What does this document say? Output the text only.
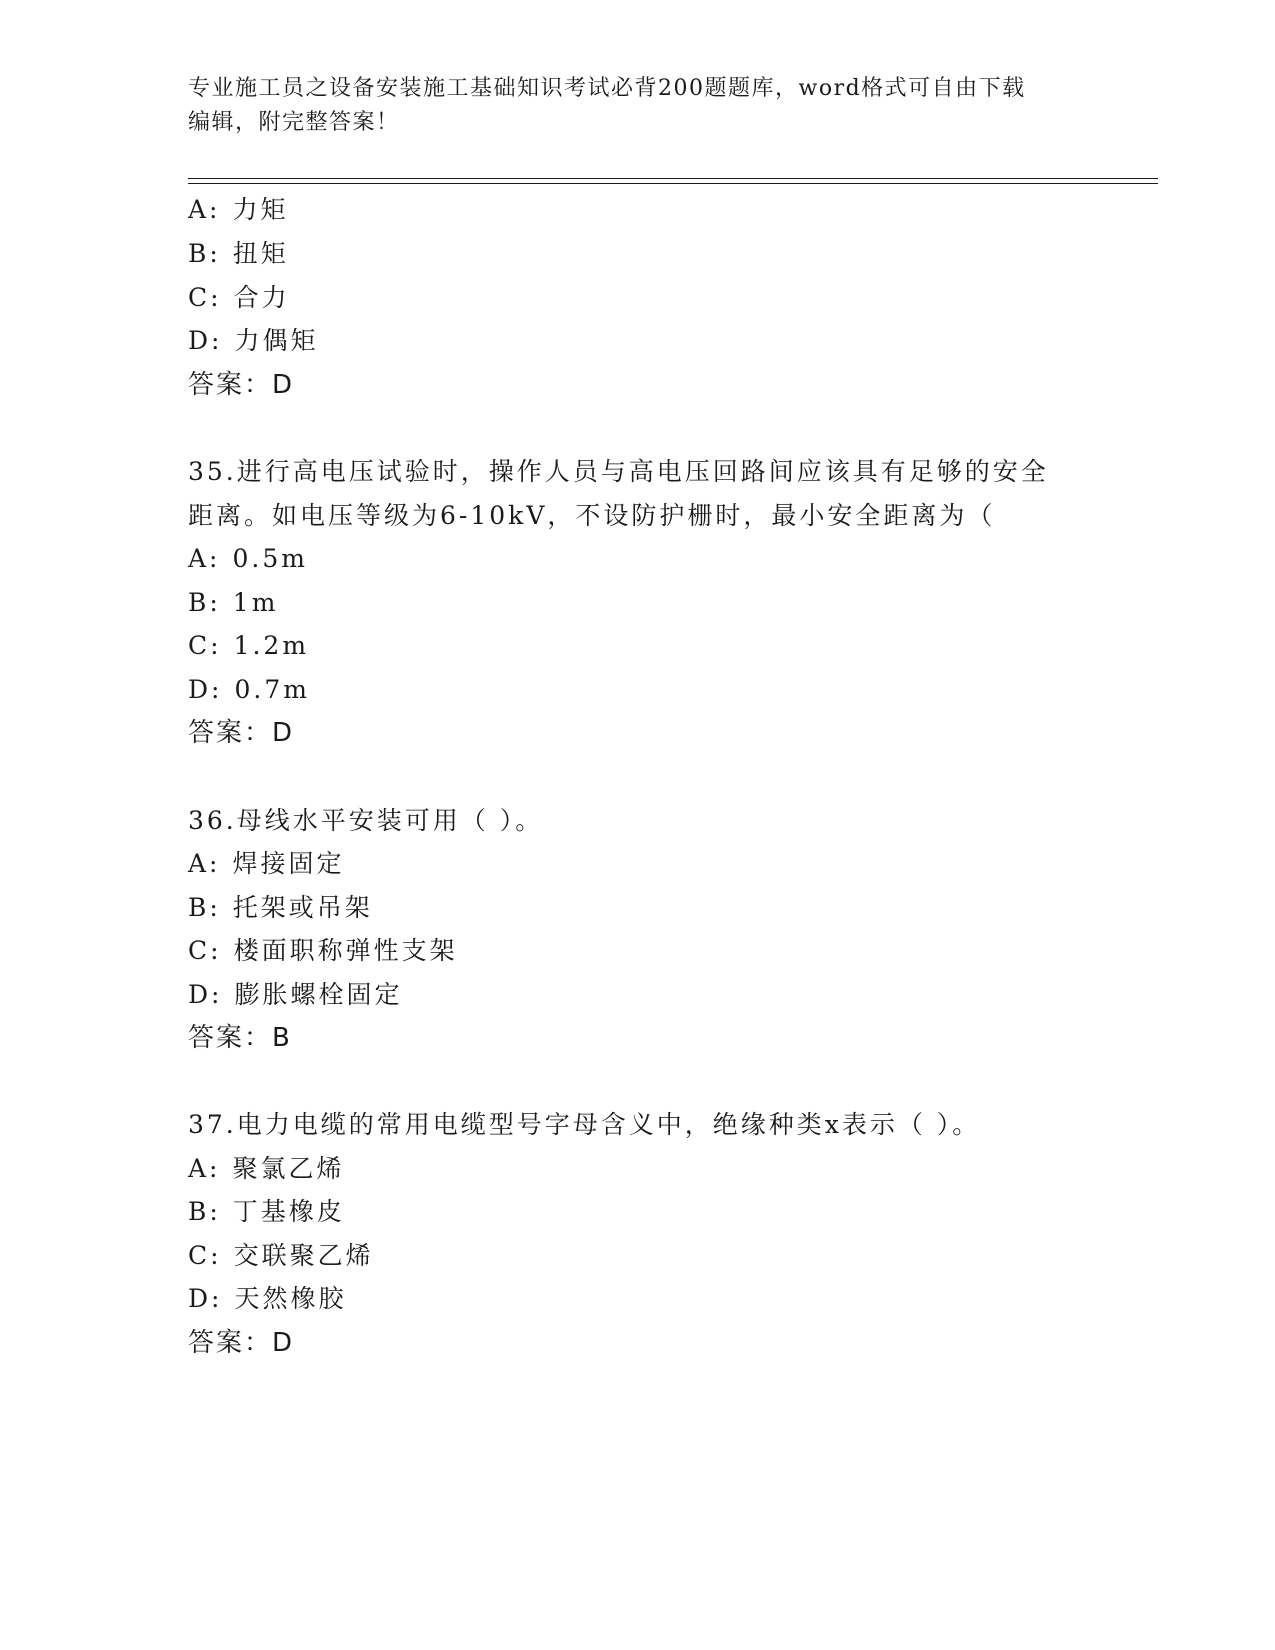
专业施工员之设备安装施工基础知识考试必背200题题库，word格式可自由下载
编辑，附完整答案！
A: 力矩
B: 扭矩
C: 合力
D: 力偶矩
答案：D
35.进行高电压试验时，操作人员与高电压回路间应该具有足够的安全
距离。如电压等级为6-10kV，不设防护栅时，最小安全距离为（
A: 0.5m
B: 1m
C: 1.2m
D: 0.7m
答案：D
36.母线水平安装可用（ ）。
A: 焊接固定
B: 托架或吊架
C: 楼面职称弹性支架
D: 膨胀螺栓固定
答案：B
37.电力电缆的常用电缆型号字母含义中，绝缘种类x表示（ ）。
A: 聚氯乙烯
B: 丁基橡皮
C: 交联聚乙烯
D: 天然橡胶
答案：D
